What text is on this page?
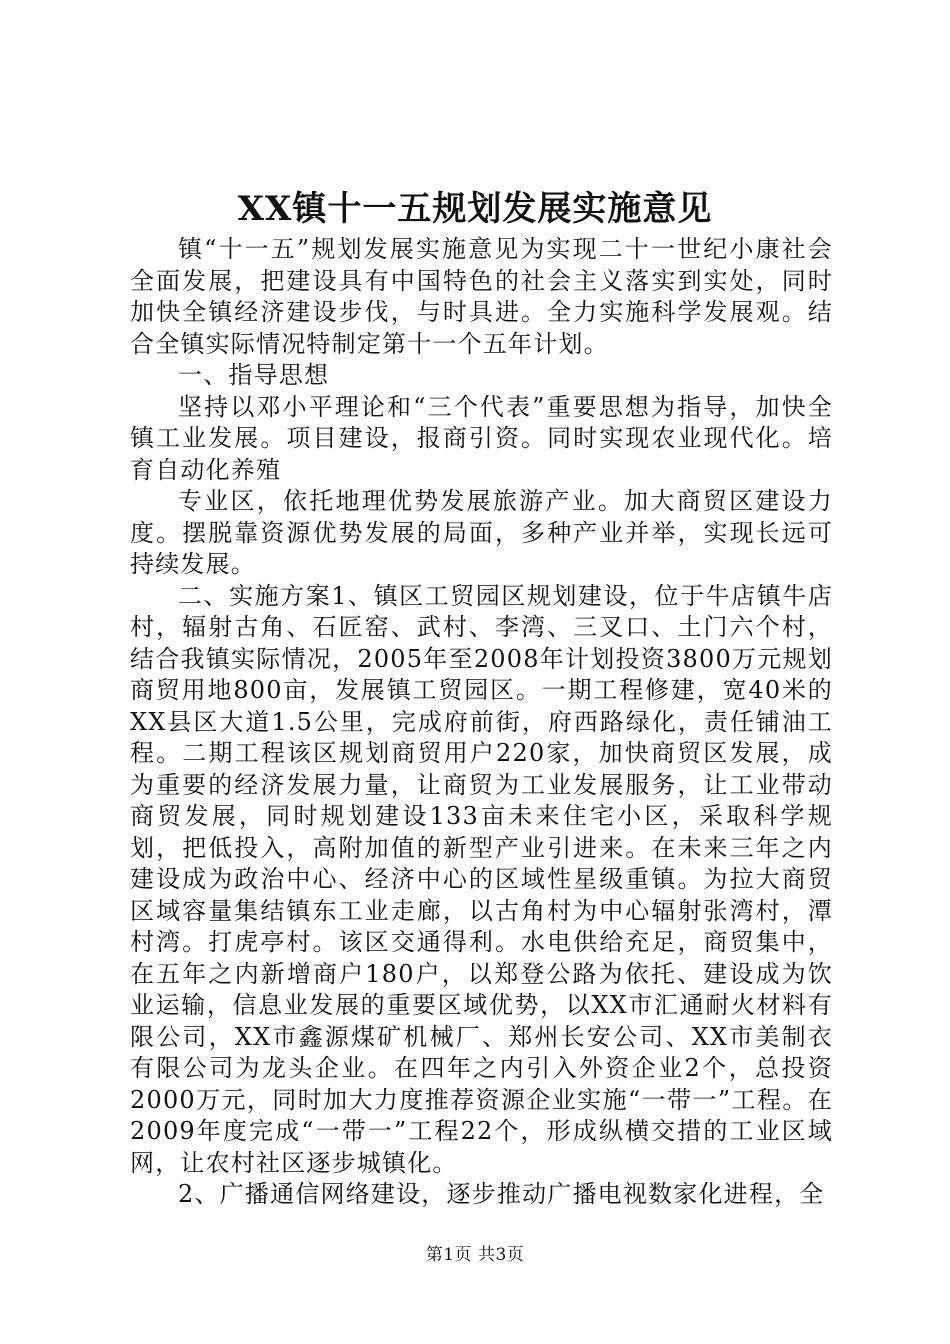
XX镇十一五规划发展实施意见

镇“十一五”规划发展实施意见为实现二十一世纪小康社会全面发展，把建设具有中国特色的社会主义落实到实处，同时加快全镇经济建设步伐，与时具进。全力实施科学发展观。结合全镇实际情况特制定第十一个五年计划。

一、指导思想

坚持以邓小平理论和“三个代表”重要思想为指导，加快全镇工业发展。项目建设，报商引资。同时实现农业现代化。培育自动化养殖

专业区，依托地理优势发展旅游产业。加大商贸区建设力度。摆脱靠资源优势发展的局面，多种产业并举，实现长远可持续发展。

二、实施方案1、镇区工贸园区规划建设，位于牛店镇牛店村，辐射古角、石匠窑、武村、李湾、三叉口、土门六个村，结合我镇实际情况，2005年至2008年计划投资3800万元规划商贸用地800亩，发展镇工贸园区。一期工程修建，宽40米的XX县区大道1.5公里，完成府前街，府西路绿化，责任铺油工程。二期工程该区规划商贸用户220家，加快商贸区发展，成为重要的经济发展力量，让商贸为工业发展服务，让工业带动商贸发展，同时规划建设133亩未来住宅小区，采取科学规划，把低投入，高附加值的新型产业引进来。在未来三年之内建设成为政治中心、经济中心的区域性星级重镇。为拉大商贸区域容量集结镇东工业走廊，以古角村为中心辐射张湾村，潭村湾。打虎亭村。该区交通得利。水电供给充足，商贸集中，在五年之内新增商户180户，以郑登公路为依托、建设成为饮业运输，信息业发展的重要区域优势，以XX市汇通耐火材料有限公司，XX市鑫源煤矿机械厂、郑州长安公司、XX市美制衣有限公司为龙头企业。在四年之内引入外资企业2个，总投资2000万元，同时加大力度推荐资源企业实施“一带一”工程。在2009年度完成“一带一”工程22个，形成纵横交措的工业区域网，让农村社区逐步城镇化。

2、广播通信网络建设，逐步推动广播电视数家化进程，全

第1页 共3页
